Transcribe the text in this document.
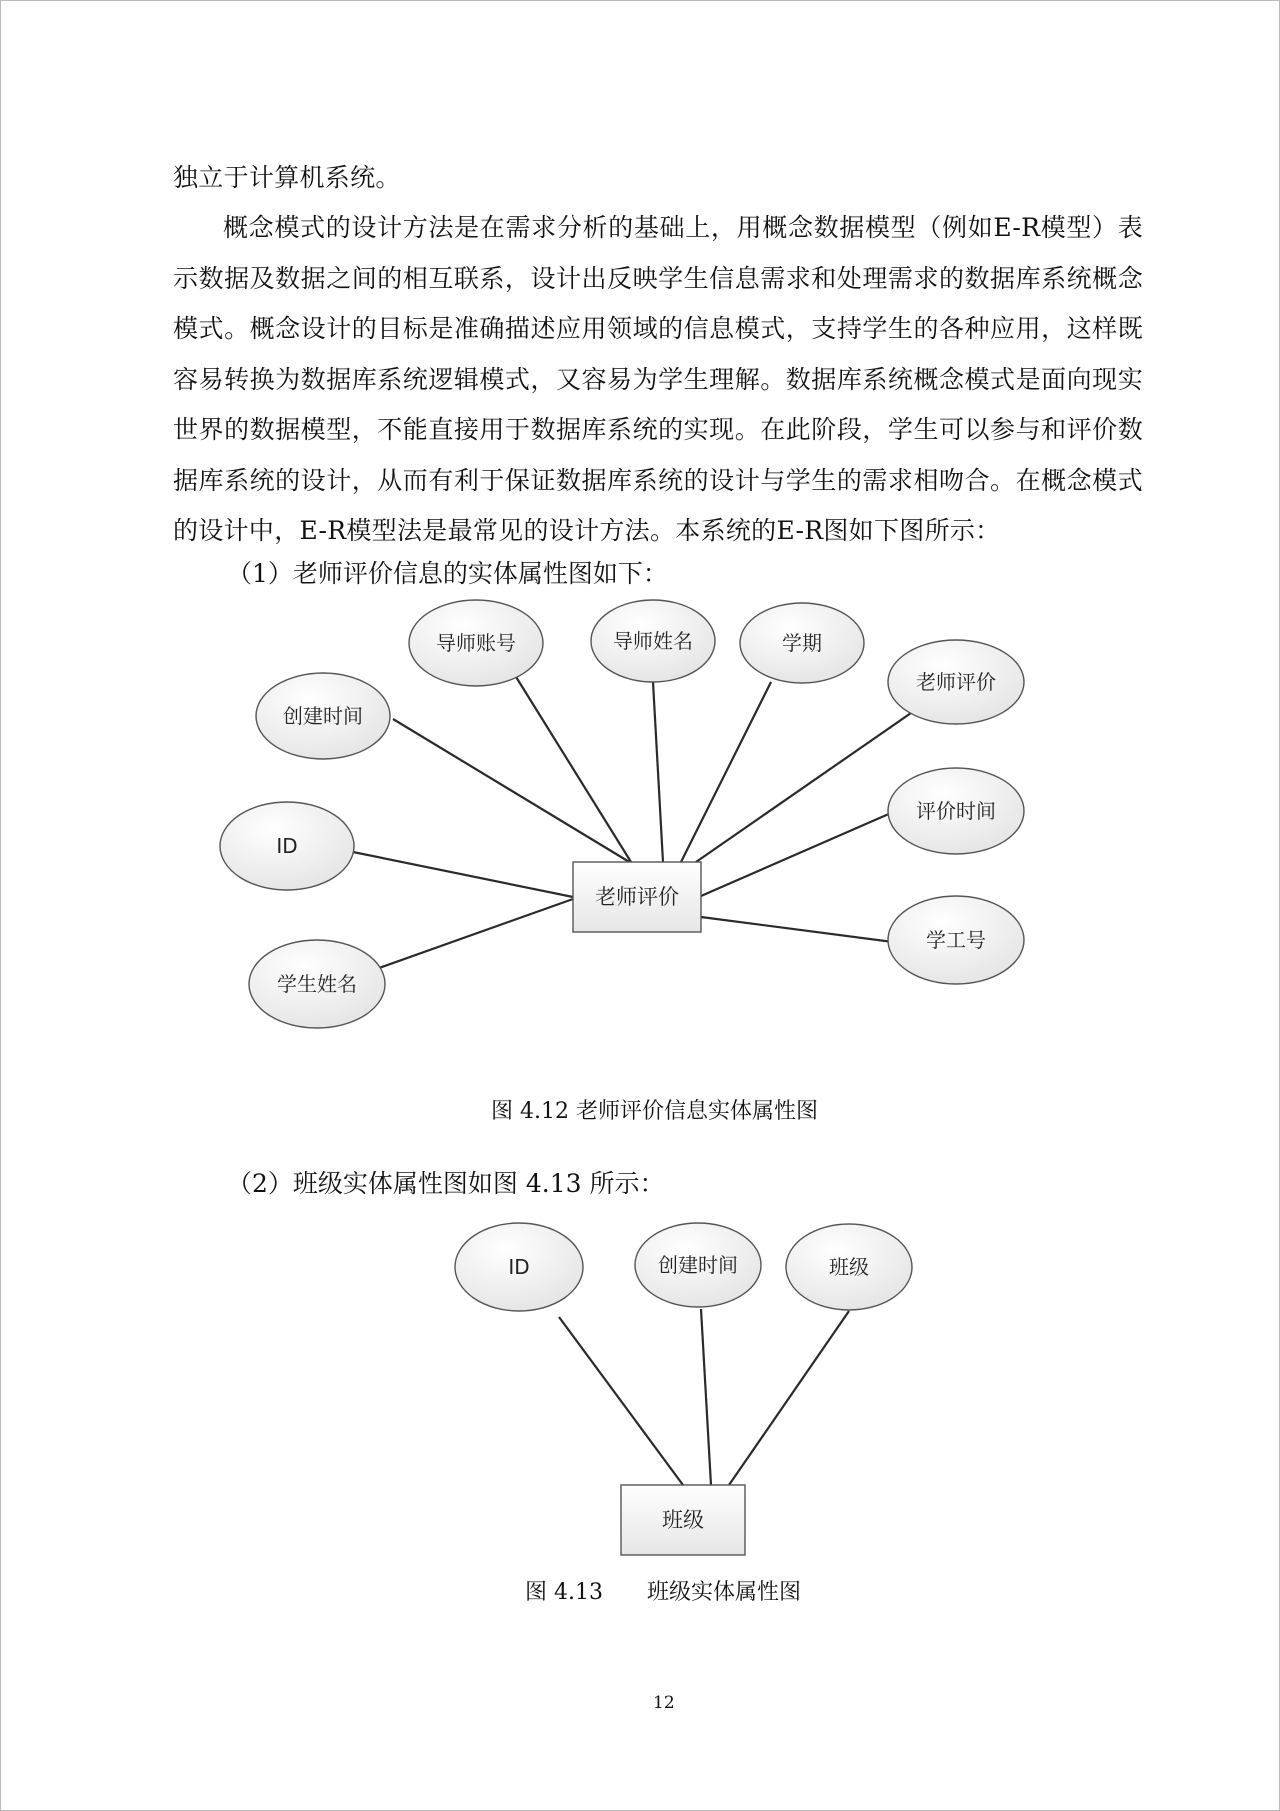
独立于计算机系统。

概念模式的设计方法是在需求分析的基础上，用概念数据模型（例如E-R模型）表示数据及数据之间的相互联系，设计出反映学生信息需求和处理需求的数据库系统概念模式。概念设计的目标是准确描述应用领域的信息模式，支持学生的各种应用，这样既容易转换为数据库系统逻辑模式，又容易为学生理解。数据库系统概念模式是面向现实世界的数据模型，不能直接用于数据库系统的实现。在此阶段，学生可以参与和评价数据库系统的设计，从而有利于保证数据库系统的设计与学生的需求相吻合。在概念模式的设计中，E-R模型法是最常见的设计方法。本系统的E-R图如下图所示：

（1）老师评价信息的实体属性图如下：

导师账号	导师姓名	学期
老师评价
创建时间
评价时间
ID
学工号
学生姓名
老师评价

图 4.12 老师评价信息实体属性图

（2）班级实体属性图如图 4.13 所示：

ID	创建时间	班级
班级

图 4.13　　班级实体属性图

12
